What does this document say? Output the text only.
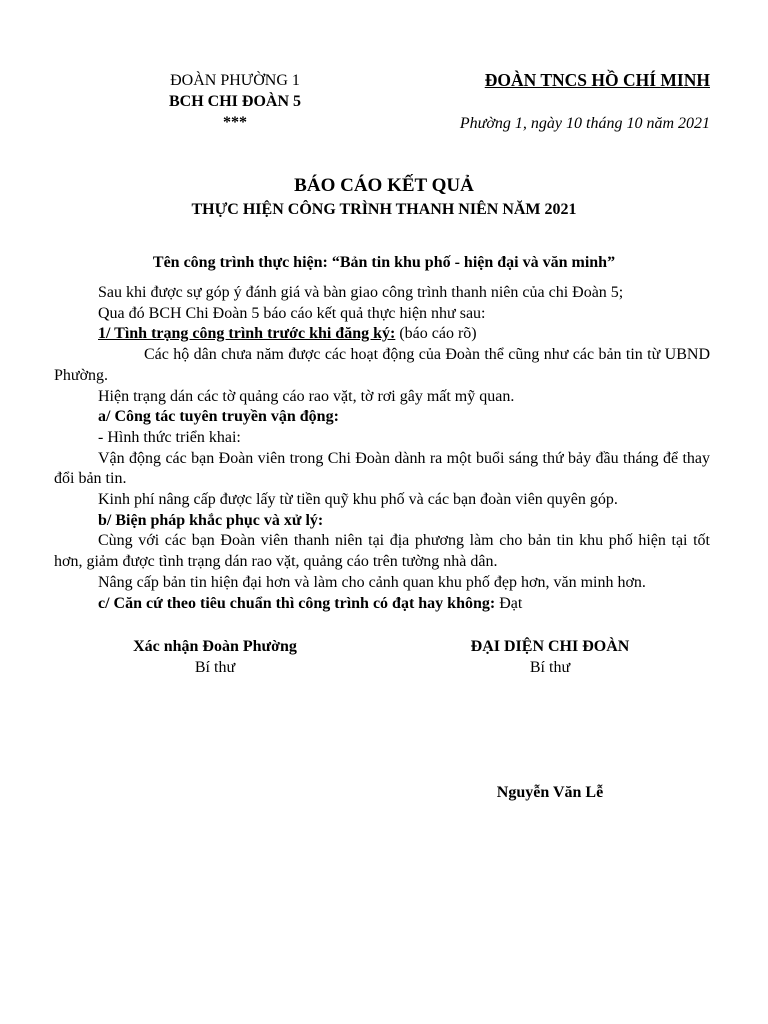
ĐOÀN PHƯỜNG 1
BCH CHI ĐOÀN 5
***
ĐOÀN TNCS HỒ CHÍ MINH
Phường 1, ngày 10 tháng 10 năm 2021
BÁO CÁO KẾT QUẢ
THỰC HIỆN CÔNG TRÌNH THANH NIÊN NĂM 2021
Tên công trình thực hiện: “Bản tin khu phố - hiện đại và văn minh”

Sau khi được sự góp ý đánh giá và bàn giao công trình thanh niên của chi Đoàn 5;

Qua đó BCH Chi Đoàn 5 báo cáo kết quả thực hiện như sau:

1/ Tình trạng công trình trước khi đăng ký: (báo cáo rõ)

Các hộ dân chưa năm được các hoạt động của Đoàn thể cũng như các bản tin từ UBND Phường.

Hiện trạng dán các tờ quảng cáo rao vặt, tờ rơi gây mất mỹ quan.

a/ Công tác tuyên truyền vận động:

- Hình thức triển khai:

Vận động các bạn Đoàn viên trong Chi Đoàn dành ra một buổi sáng thứ bảy đầu tháng để thay đổi bản tin.

Kinh phí nâng cấp được lấy từ tiền quỹ khu phố và các bạn đoàn viên quyên góp.

b/ Biện pháp khắc phục và xử lý:

Cùng với các bạn Đoàn viên thanh niên tại địa phương làm cho bản tin khu phố hiện tại tốt hơn, giảm được tình trạng dán rao vặt, quảng cáo trên tường nhà dân.

Nâng cấp bản tin hiện đại hơn và làm cho cảnh quan khu phố đẹp hơn, văn minh hơn.

c/ Căn cứ theo tiêu chuẩn thì công trình có đạt hay không: Đạt

Xác nhận Đoàn Phường
Bí thư
ĐẠI DIỆN CHI ĐOÀN
Bí thư
Nguyễn Văn Lễ
